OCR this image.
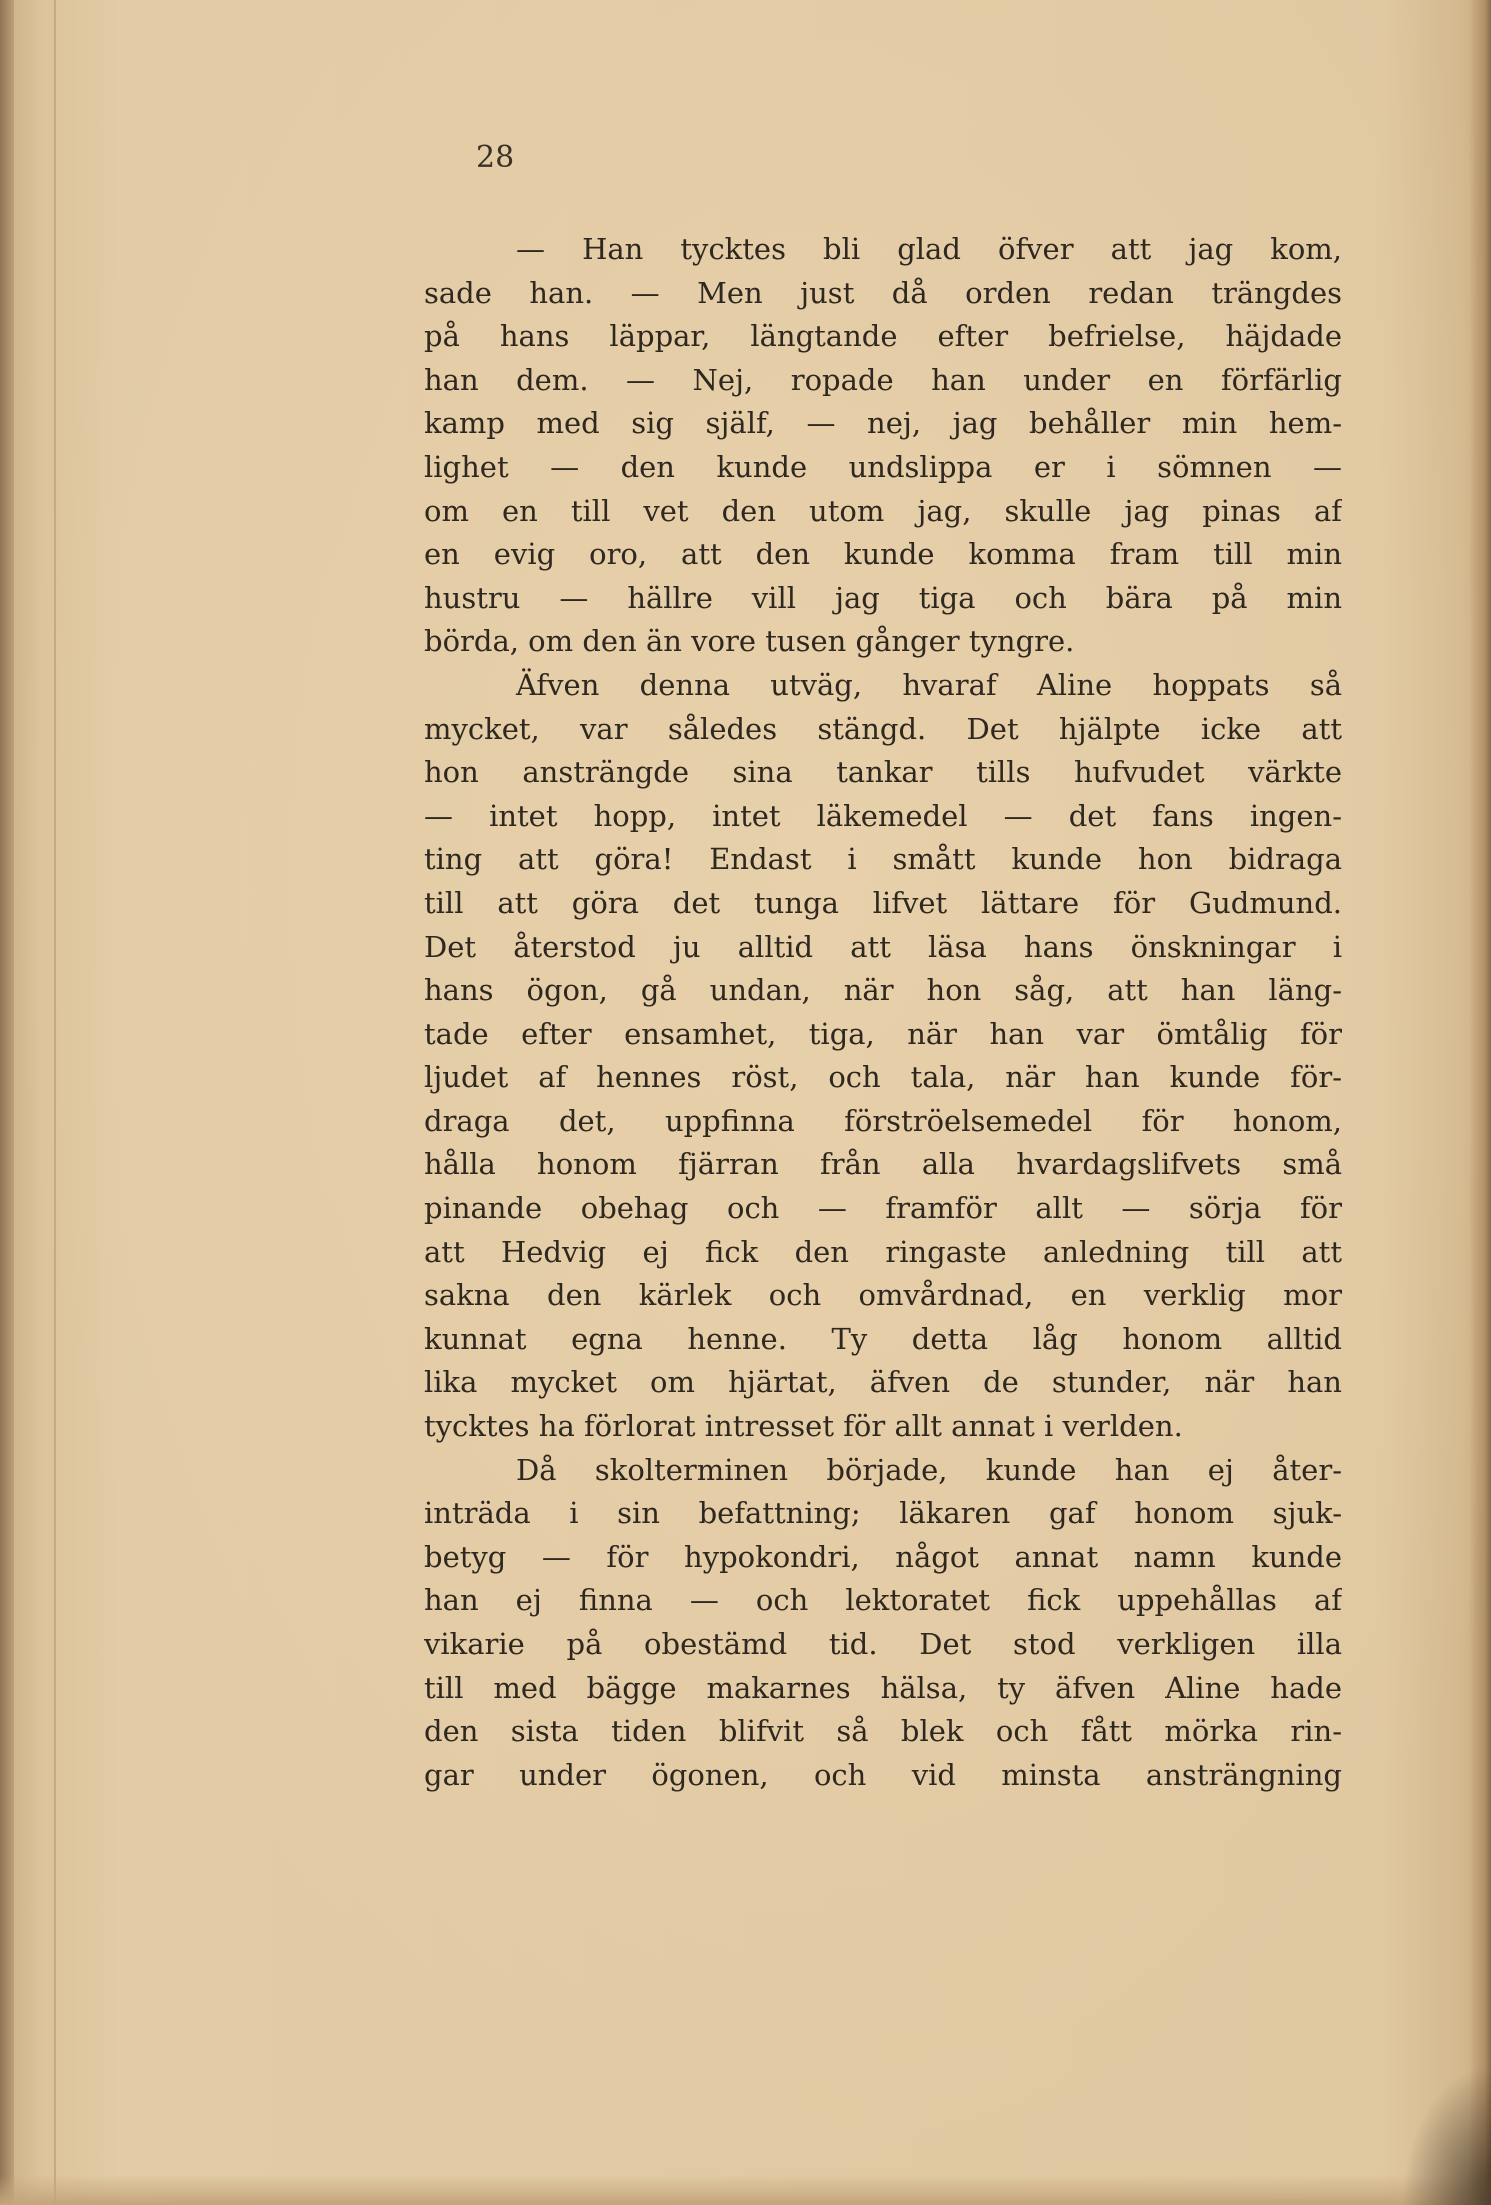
28

— Han tycktes bli glad öfver att jag kom,
sade han. — Men just då orden redan trängdes
på hans läppar, längtande efter befrielse, häjdade
han dem. — Nej, ropade han under en förfärlig
kamp med sig själf, — nej, jag behåller min hem-
lighet — den kunde undslippa er i sömnen —
om en till vet den utom jag, skulle jag pinas af
en evig oro, att den kunde komma fram till min
hustru — hällre vill jag tiga och bära på min
börda, om den än vore tusen gånger tyngre.
Äfven denna utväg, hvaraf Aline hoppats så
mycket, var således stängd. Det hjälpte icke att
hon ansträngde sina tankar tills hufvudet värkte
— intet hopp, intet läkemedel — det fans ingen-
ting att göra! Endast i smått kunde hon bidraga
till att göra det tunga lifvet lättare för Gudmund.
Det återstod ju alltid att läsa hans önskningar i
hans ögon, gå undan, när hon såg, att han läng-
tade efter ensamhet, tiga, när han var ömtålig för
ljudet af hennes röst, och tala, när han kunde för-
draga det, uppfinna förströelsemedel för honom,
hålla honom fjärran från alla hvardagslifvets små
pinande obehag och — framför allt — sörja för
att Hedvig ej fick den ringaste anledning till att
sakna den kärlek och omvårdnad, en verklig mor
kunnat egna henne. Ty detta låg honom alltid
lika mycket om hjärtat, äfven de stunder, när han
tycktes ha förlorat intresset för allt annat i verlden.
Då skolterminen började, kunde han ej åter-
inträda i sin befattning; läkaren gaf honom sjuk-
betyg — för hypokondri, något annat namn kunde
han ej finna — och lektoratet fick uppehållas af
vikarie på obestämd tid. Det stod verkligen illa
till med bägge makarnes hälsa, ty äfven Aline hade
den sista tiden blifvit så blek och fått mörka rin-
gar under ögonen, och vid minsta ansträngning
